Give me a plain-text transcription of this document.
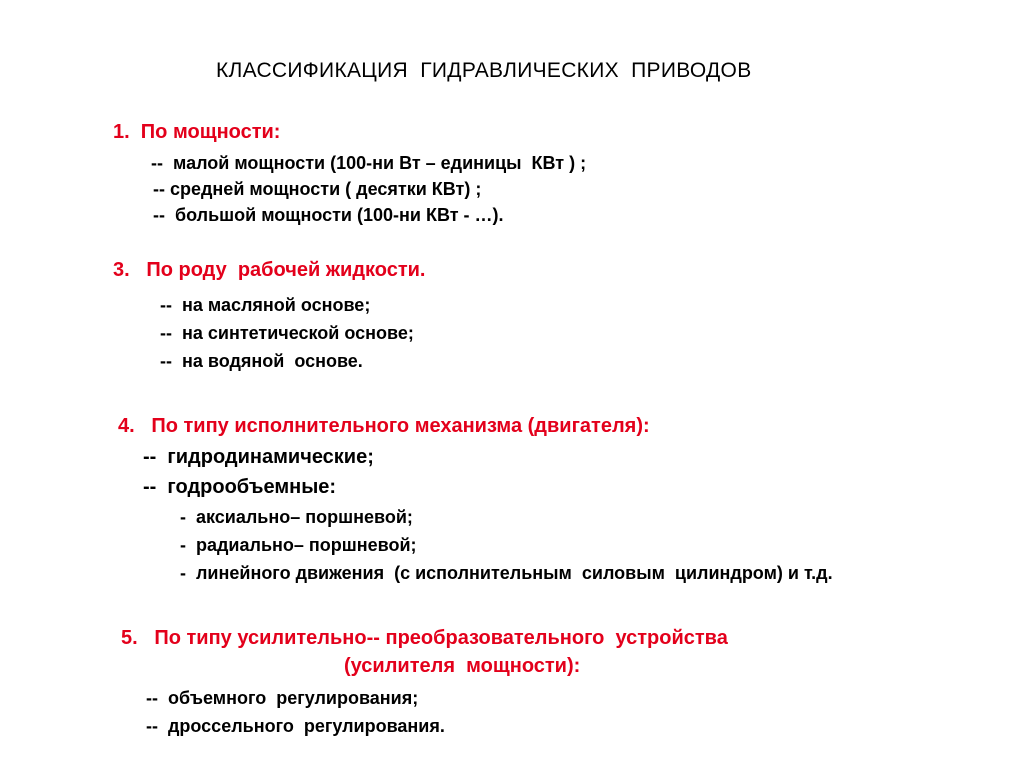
КЛАССИФИКАЦИЯ  ГИДРАВЛИЧЕСКИХ  ПРИВОДОВ
1.  По мощности:
--  малой мощности (100-ни Вт – единицы  КВт ) ;
-- средней мощности ( десятки КВт) ;
--  большой мощности (100-ни КВт - …).
3.   По роду  рабочей жидкости.
--  на масляной основе;
--  на синтетической основе;
--  на водяной  основе.
4.   По типу исполнительного механизма (двигателя):
--  гидродинамические;
--  годрообъемные:
-  аксиально– поршневой;
-  радиально– поршневой;
-  линейного движения  (с исполнительным  силовым  цилиндром) и т.д.
5.   По типу усилительно-- преобразовательного  устройства
(усилителя  мощности):
--  объемного  регулирования;
--  дроссельного  регулирования.
